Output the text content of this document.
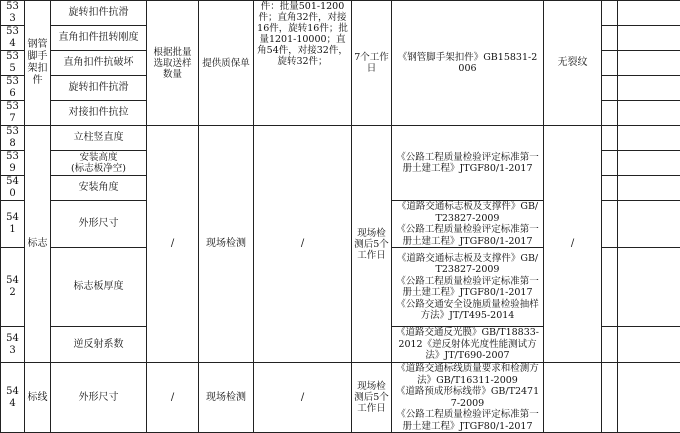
533	钢管脚手架扣件	旋转扣件抗滑	根据批量选取送样数量	提供质保单	件：批量501-1200件；直角32件，对接16件，旋转16件；批量1201-10000；直角54件，对接32件，旋转32件；	7个工作日	《钢管脚手架扣件》GB15831-2006	无裂纹		
534		直角扣件扭转刚度								
535		直角扣件抗破坏								
536		旋转扣件抗滑								
537		对接扣件抗拉								
538	标志	立柱竖直度	/	现场检测	/	现场检测后5个工作日	《公路工程质量检验评定标准第一册土建工程》JTGF80/1-2017	/		
539		安装高度
(标志板净空)								
540		安装角度								
541		外形尺寸					《道路交通标志板及支撑件》GB/T23827-2009
《公路工程质量检验评定标准第一册土建工程》JTGF80/1-2017			
542		标志板厚度					《道路交通标志板及支撑件》GB/T23827-2009
《公路工程质量检验评定标准第一册土建工程》JTGF80/1-2017
《公路交通安全设施质量检验抽样方法》JT/T495-2014			
543		逆反射系数					《道路交通反光膜》GB/T18833-2012《逆反射体光度性能测试方法》JT/T690-2007			
544	标线	外形尺寸	/	现场检测	/	现场检测后5个工作日	《道路交通标线质量要求和检测方法》GB/T16311-2009
《道路预成形标线带》GB/T24717-2009
《公路工程质量检验评定标准第一册土建工程》JTGF80/1-2017			
